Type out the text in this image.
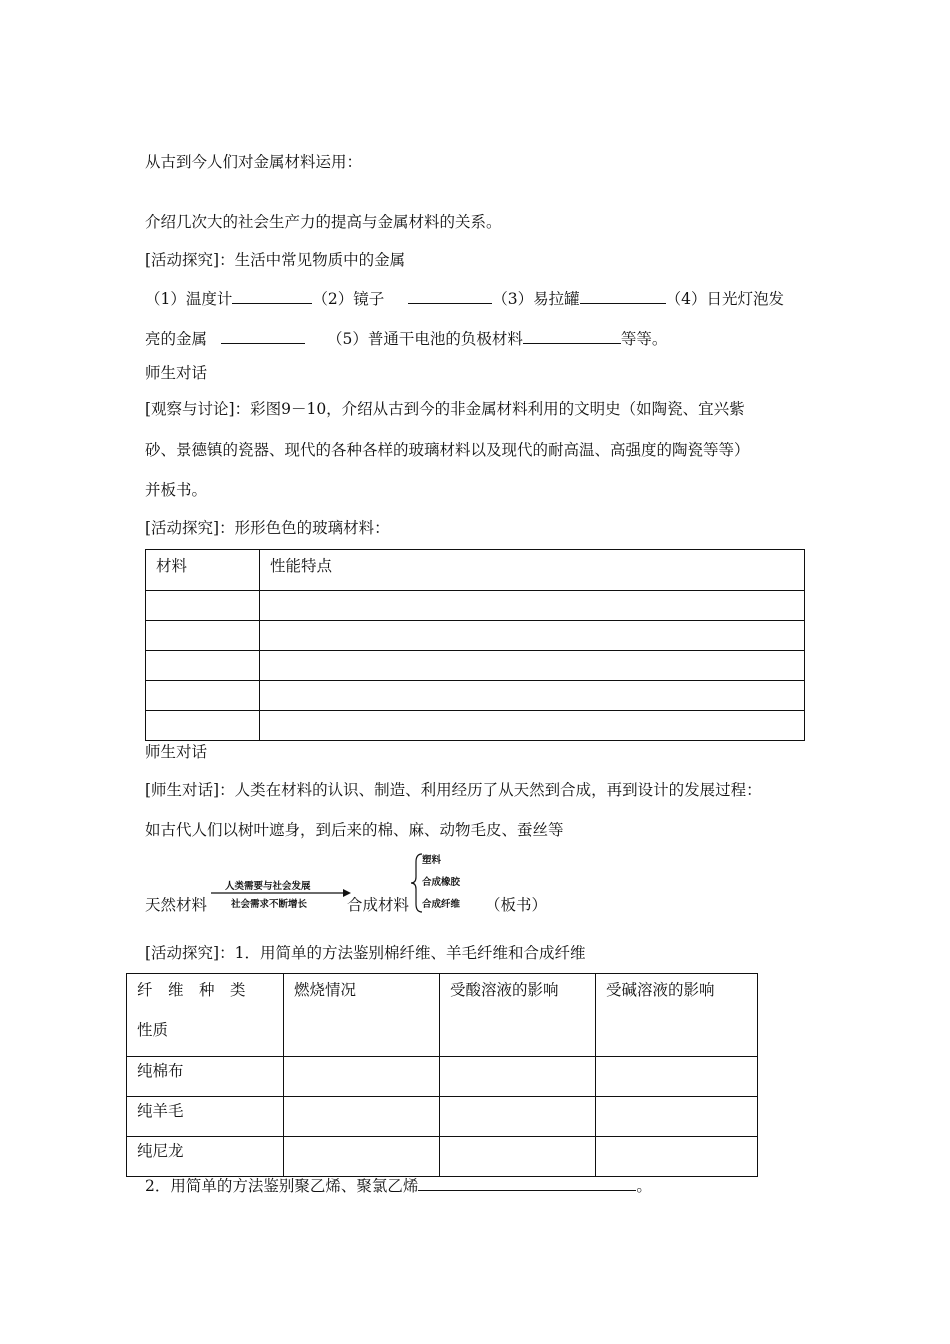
从古到今人们对金属材料运用：
介绍几次大的社会生产力的提高与金属材料的关系。
[活动探究]：生活中常见物质中的金属
（1）温度计	（2）镜子	（3）易拉罐	（4）日光灯泡发
亮的金属	（5）普通干电池的负极材料	等等。
师生对话
[观察与讨论]：彩图9－10，介绍从古到今的非金属材料利用的文明史（如陶瓷、宜兴紫
砂、景德镇的瓷器、现代的各种各样的玻璃材料以及现代的耐高温、高强度的陶瓷等等）
并板书。
[活动探究]：形形色色的玻璃材料：
材料	性能特点

师生对话
[师生对话]：人类在材料的认识、制造、利用经历了从天然到合成，再到设计的发展过程：
如古代人们以树叶遮身，到后来的棉、麻、动物毛皮、蚕丝等
天然材料
人类需要与社会发展
社会需求不断增长	合成材料
塑料
合成橡胶
合成纤维 （板书）
[活动探究]：1．用简单的方法鉴别棉纤维、羊毛纤维和合成纤维
纤　维　种　类
性质	燃烧情况	受酸溶液的影响	受碱溶液的影响
纯棉布			
纯羊毛			
纯尼龙			
2．用简单的方法鉴别聚乙烯、聚氯乙烯	。
